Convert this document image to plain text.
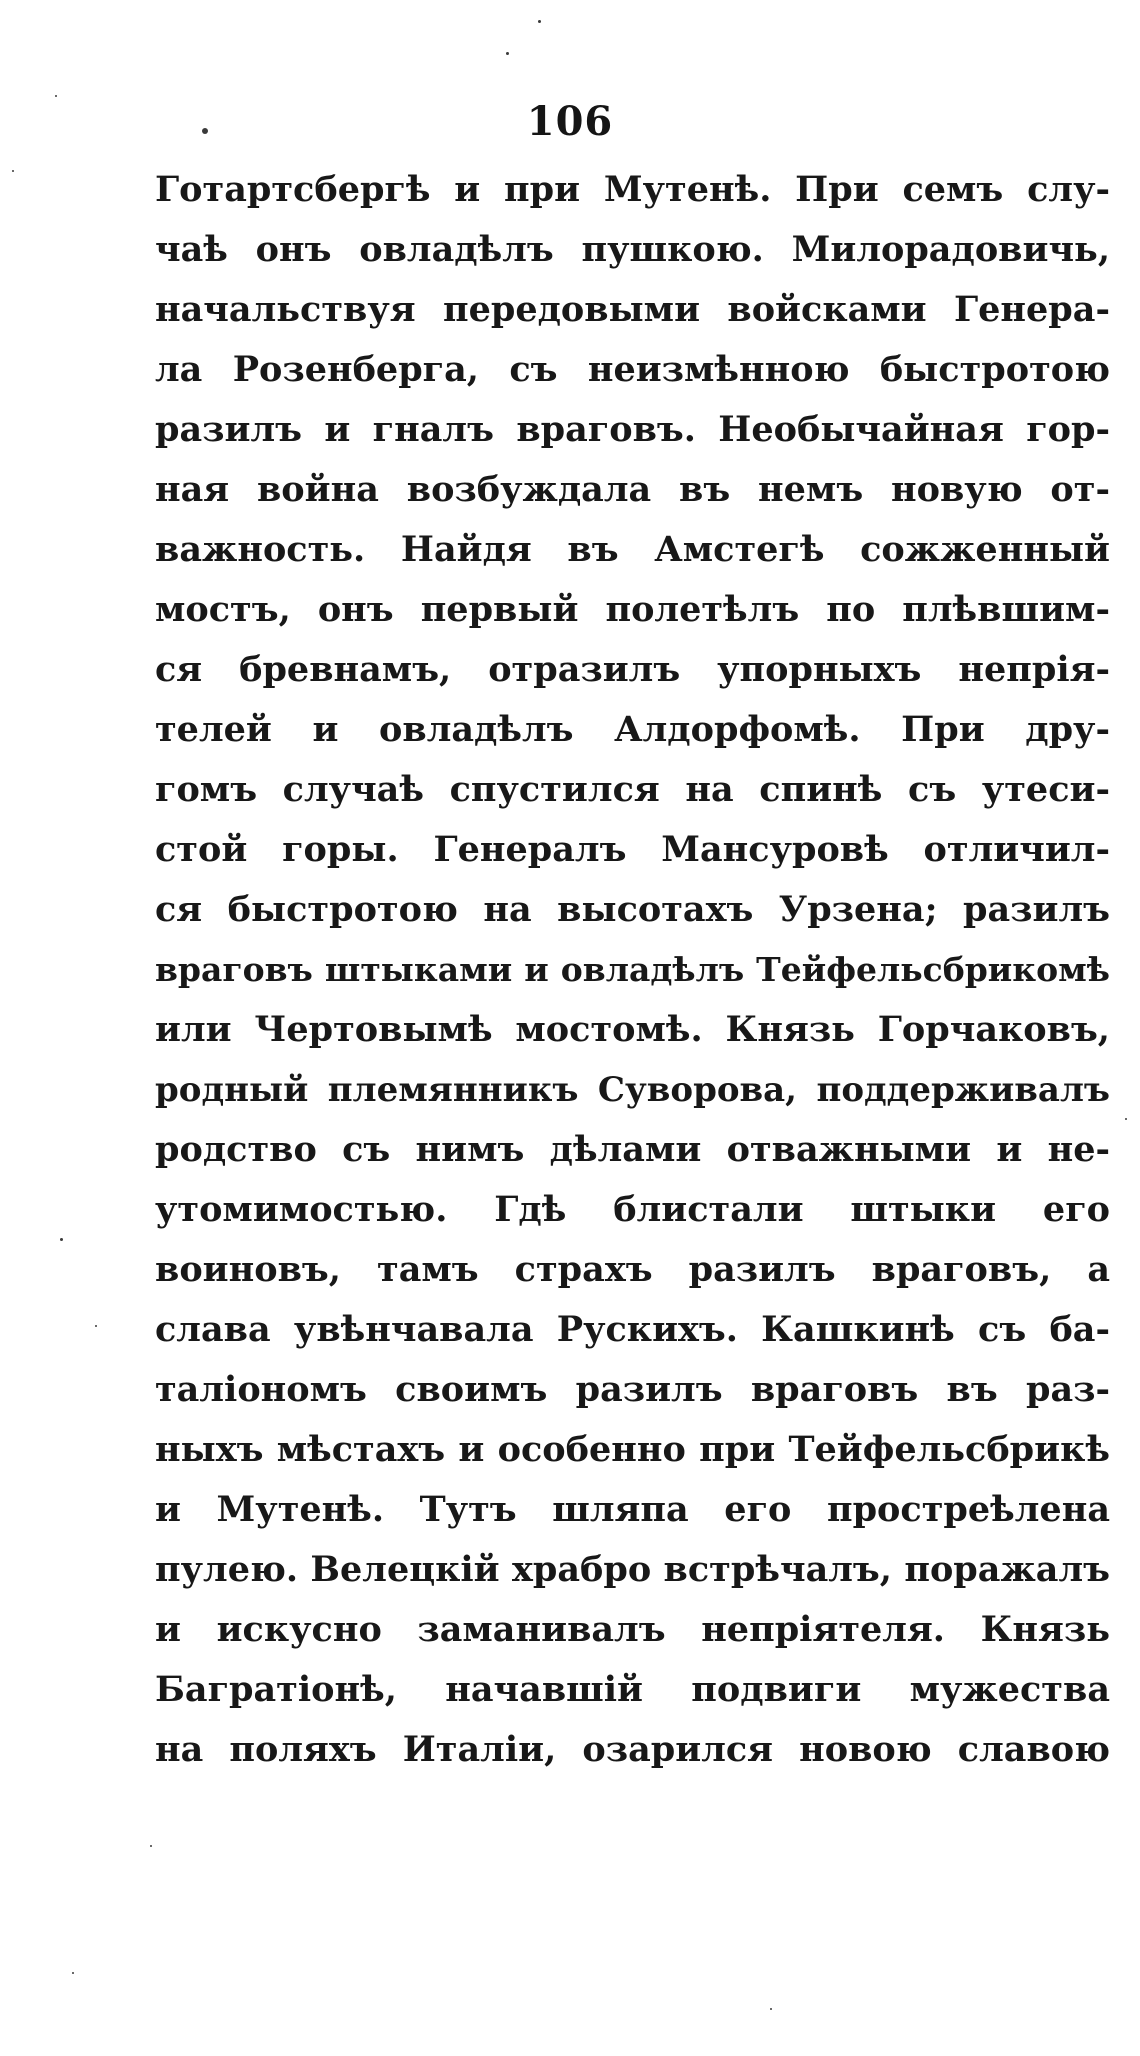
106
Готартсбергѣ и при Мутенѣ. При семъ слу-
чаѣ онъ овладѣлъ пушкою. Милорадовичь,
начальствуя передовыми войсками Генера-
ла Розенберга, съ неизмѣнною быстротою
разилъ и гналъ враговъ. Необычайная гор-
ная война возбуждала въ немъ новую от-
важность. Найдя въ Амстегѣ сожженный
мостъ, онъ первый полетѣлъ по плѣвшим-
ся бревнамъ, отразилъ упорныхъ непрія-
телей и овладѣлъ Алдорфомѣ. При дру-
гомъ случаѣ спустился на спинѣ съ утеси-
стой горы. Генералъ Мансуровѣ отличил-
ся быстротою на высотахъ Урзена; разилъ
враговъ штыками и овладѣлъ Тейфельсбрикомѣ
или Чертовымѣ мостомѣ. Князь Горчаковъ,
родный племянникъ Суворова, поддерживалъ
родство съ нимъ дѣлами отважными и не-
утомимостью. Гдѣ блистали штыки его
воиновъ, тамъ страхъ разилъ враговъ, а
слава увѣнчавала Рускихъ. Кашкинѣ съ ба-
таліономъ своимъ разилъ враговъ въ раз-
ныхъ мѣстахъ и особенно при Тейфельсбрикѣ
и Мутенѣ. Тутъ шляпа его простреѣлена
пулею. Велецкій храбро встрѣчалъ, поражалъ
и искусно заманивалъ непріятеля. Князь
Багратіонѣ, начавшій подвиги мужества
на поляхъ Италіи, озарился новою славою
